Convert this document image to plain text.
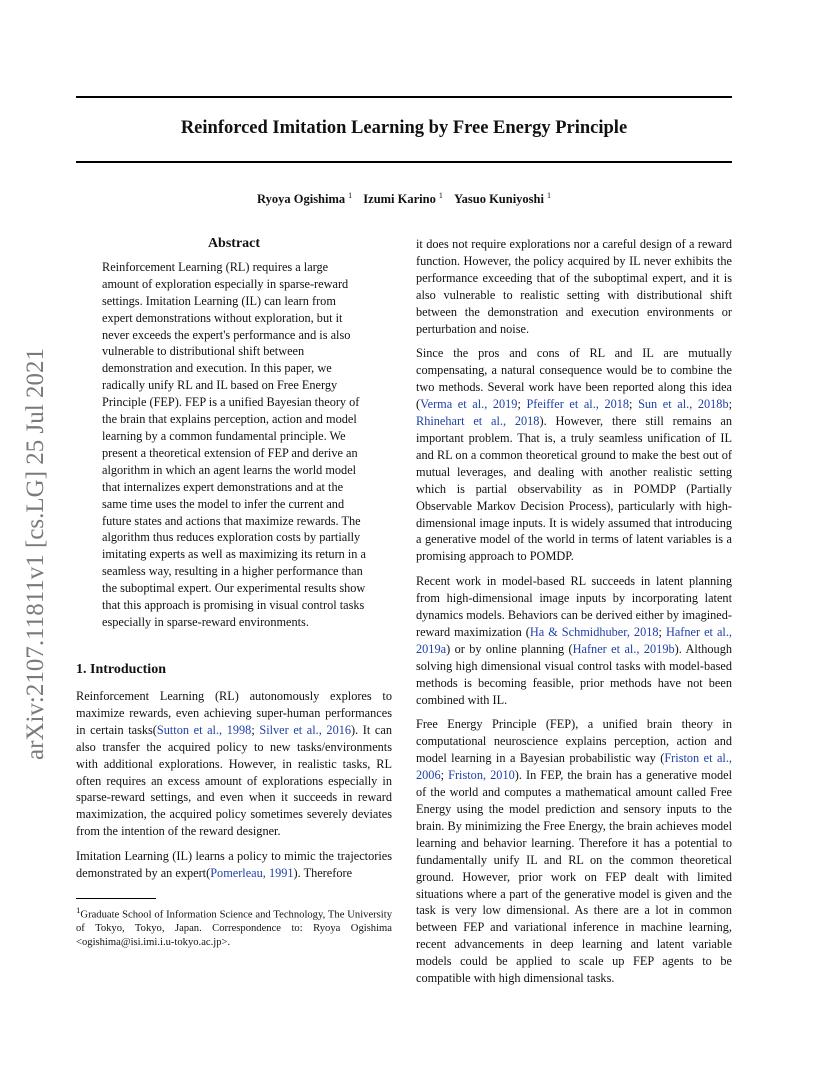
Reinforced Imitation Learning by Free Energy Principle
Ryoya Ogishima $^1$ Izumi Karino $^1$ Yasuo Kuniyoshi $^1$
arXiv:2107.11811v1 [cs.LG] 25 Jul 2021
Abstract

Reinforcement Learning (RL) requires a large amount of exploration especially in sparse-reward settings. Imitation Learning (IL) can learn from expert demonstrations without exploration, but it never exceeds the expert's performance and is also vulnerable to distributional shift between demonstration and execution. In this paper, we radically unify RL and IL based on Free Energy Principle (FEP). FEP is a unified Bayesian theory of the brain that explains perception, action and model learning by a common fundamental principle. We present a theoretical extension of FEP and derive an algorithm in which an agent learns the world model that internalizes expert demonstrations and at the same time uses the model to infer the current and future states and actions that maximize rewards. The algorithm thus reduces exploration costs by partially imitating experts as well as maximizing its return in a seamless way, resulting in a higher performance than the suboptimal expert. Our experimental results show that this approach is promising in visual control tasks especially in sparse-reward environments.

1. Introduction

Reinforcement Learning (RL) autonomously explores to maximize rewards, even achieving super-human performances in certain tasks(Sutton et al., 1998; Silver et al., 2016). It can also transfer the acquired policy to new tasks/environments with additional explorations. However, in realistic tasks, RL often requires an excess amount of explorations especially in sparse-reward settings, and even when it succeeds in reward maximization, the acquired policy sometimes severely deviates from the intention of the reward designer.

Imitation Learning (IL) learns a policy to mimic the trajectories demonstrated by an expert(Pomerleau, 1991). Therefore

$^1$Graduate School of Information Science and Technology, The University of Tokyo, Tokyo, Japan. Correspondence to: Ryoya Ogishima <ogishima@isi.imi.i.u-tokyo.ac.jp>.

it does not require explorations nor a careful design of a reward function. However, the policy acquired by IL never exhibits the performance exceeding that of the suboptimal expert, and it is also vulnerable to realistic setting with distributional shift between the demonstration and execution environments or perturbation and noise.

Since the pros and cons of RL and IL are mutually compensating, a natural consequence would be to combine the two methods. Several work have been reported along this idea (Verma et al., 2019; Pfeiffer et al., 2018; Sun et al., 2018b; Rhinehart et al., 2018). However, there still remains an important problem. That is, a truly seamless unification of IL and RL on a common theoretical ground to make the best out of mutual leverages, and dealing with another realistic setting which is partial observability as in POMDP (Partially Observable Markov Decision Process), particularly with high-dimensional image inputs. It is widely assumed that introducing a generative model of the world in terms of latent variables is a promising approach to POMDP.

Recent work in model-based RL succeeds in latent planning from high-dimensional image inputs by incorporating latent dynamics models. Behaviors can be derived either by imagined-reward maximization (Ha & Schmidhuber, 2018; Hafner et al., 2019a) or by online planning (Hafner et al., 2019b). Although solving high dimensional visual control tasks with model-based methods is becoming feasible, prior methods have not been combined with IL.

Free Energy Principle (FEP), a unified brain theory in computational neuroscience explains perception, action and model learning in a Bayesian probabilistic way (Friston et al., 2006; Friston, 2010). In FEP, the brain has a generative model of the world and computes a mathematical amount called Free Energy using the model prediction and sensory inputs to the brain. By minimizing the Free Energy, the brain achieves model learning and behavior learning. Therefore it has a potential to fundamentally unify IL and RL on the common theoretical ground. However, prior work on FEP dealt with limited situations where a part of the generative model is given and the task is very low dimensional. As there are a lot in common between FEP and variational inference in machine learning, recent advancements in deep learning and latent variable models could be applied to scale up FEP agents to be compatible with high dimensional tasks.
